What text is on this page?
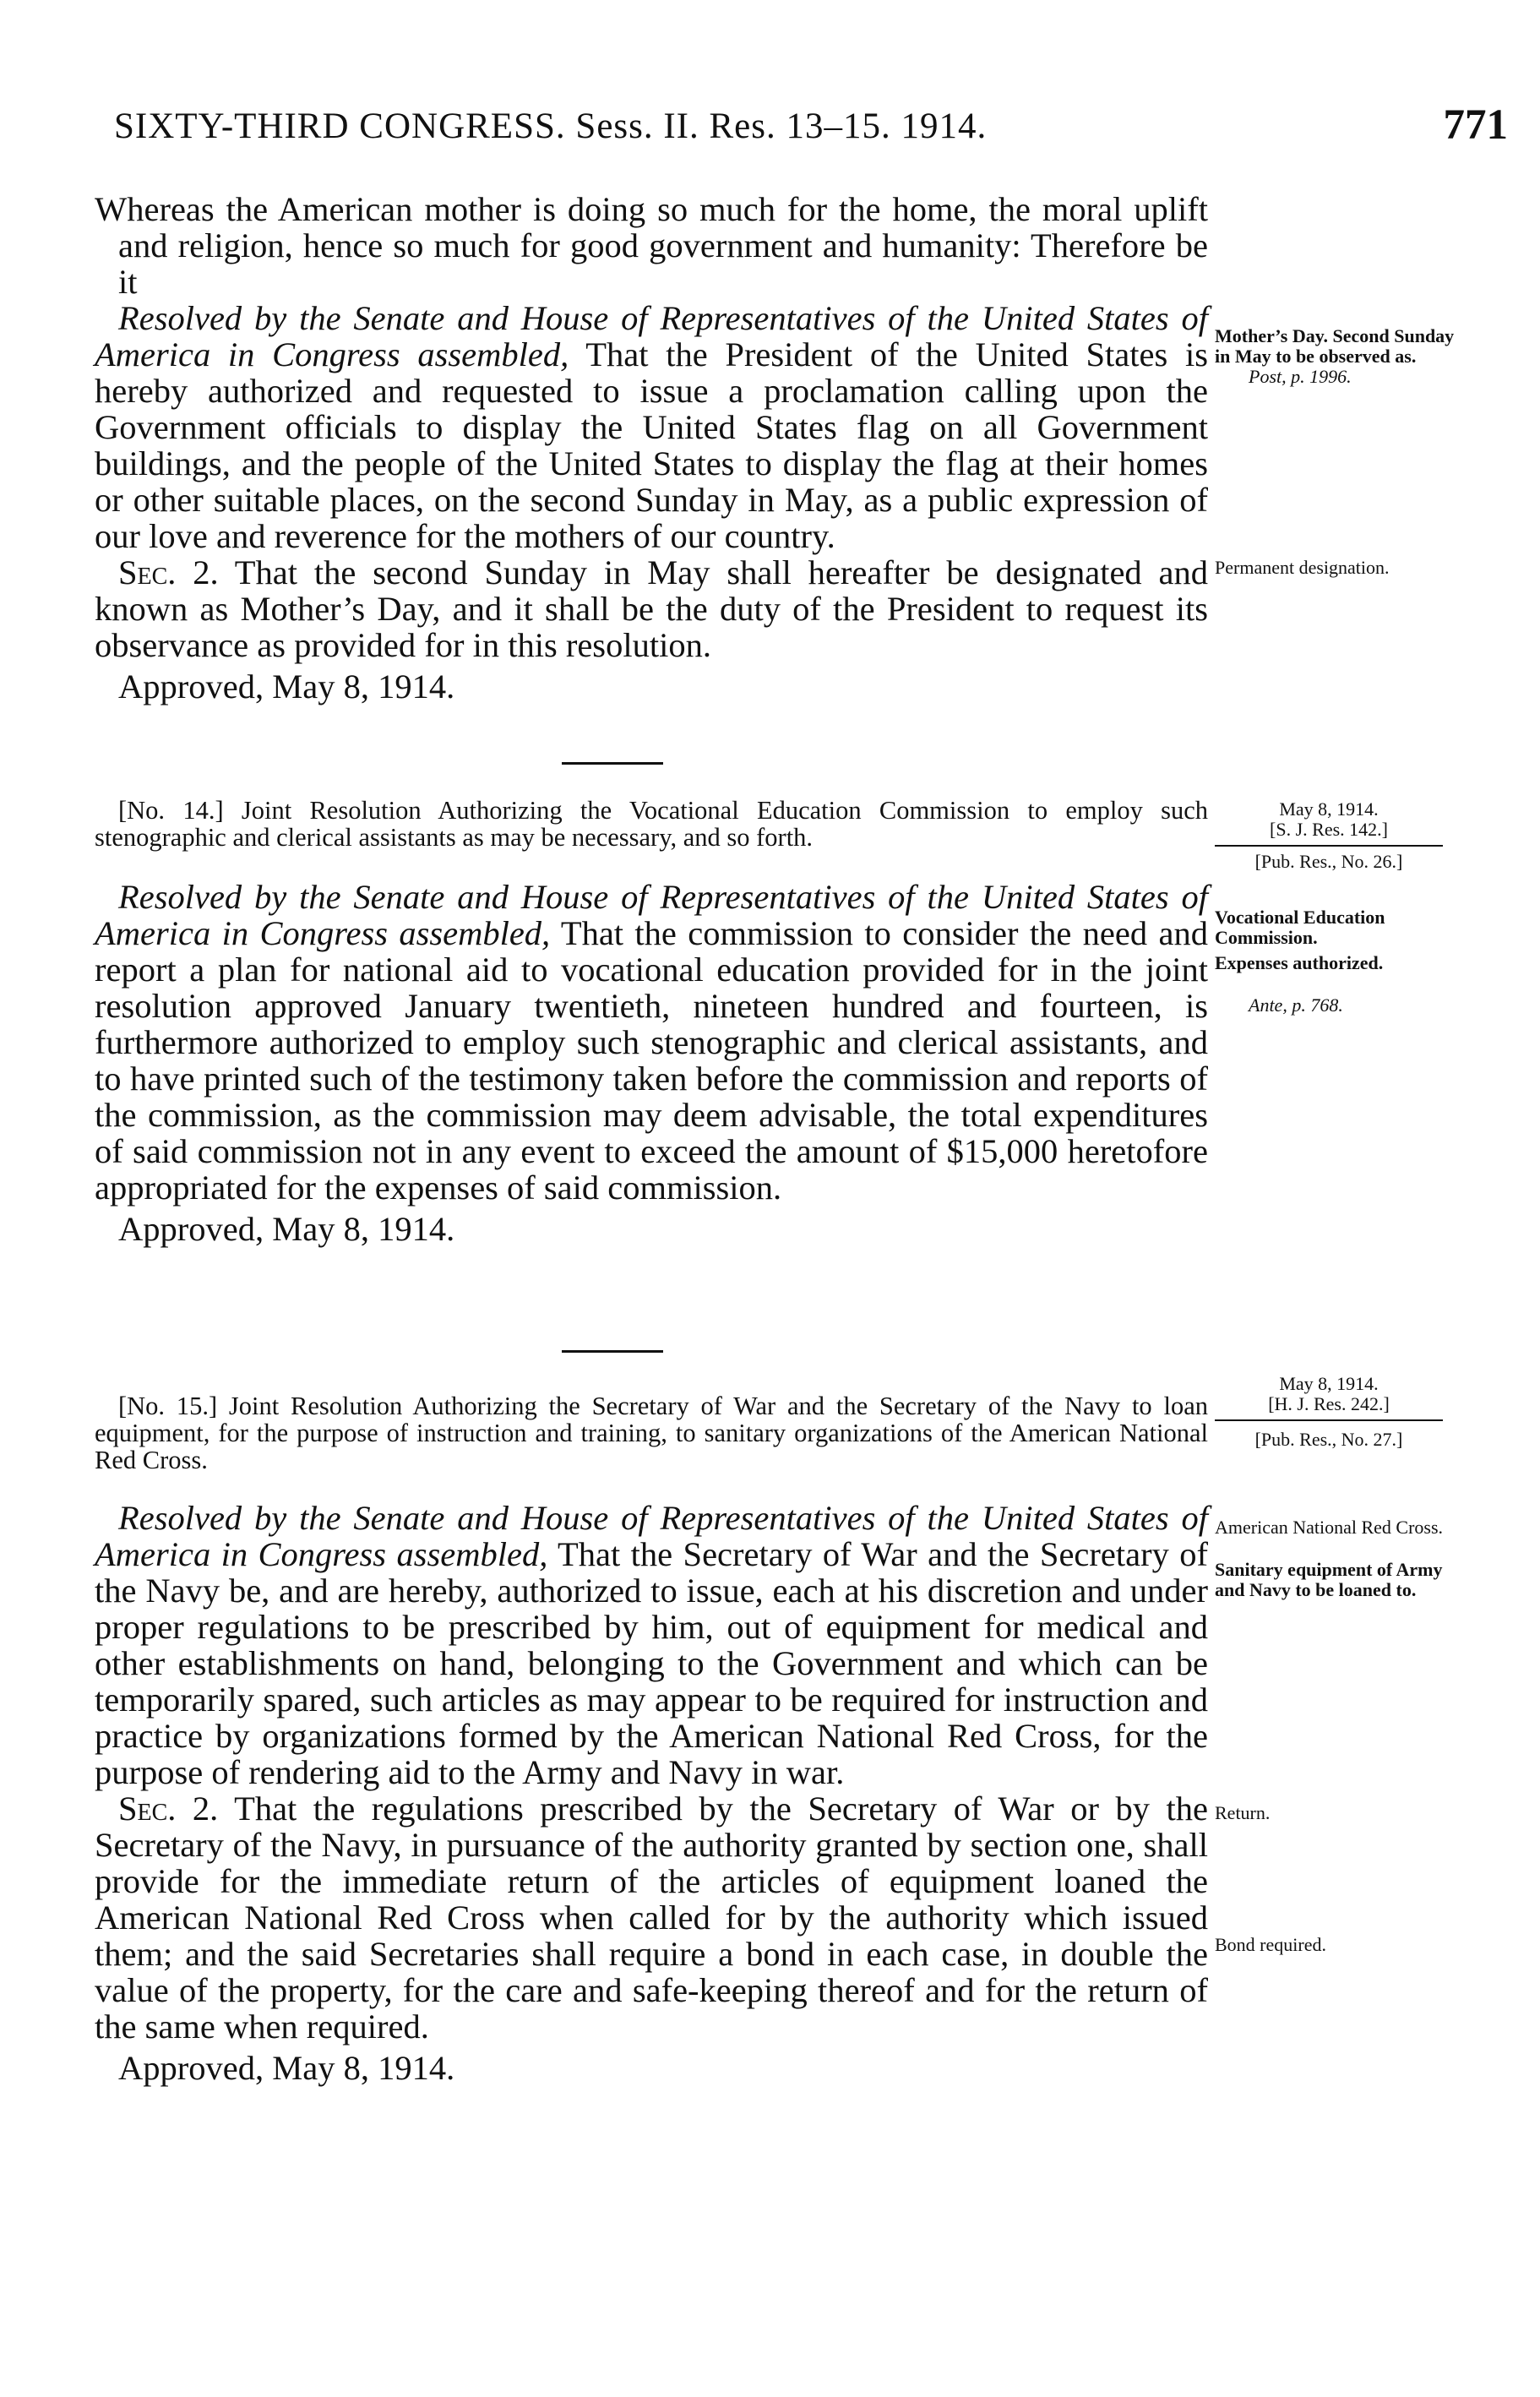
SIXTY-THIRD CONGRESS. Sess. II. Res. 13–15. 1914.	771

Whereas the American mother is doing so much for the home, the moral uplift and religion, hence so much for good government and humanity: Therefore be it

Resolved by the Senate and House of Representatives of the United States of America in Congress assembled, That the President of the United States is hereby authorized and requested to issue a proclamation calling upon the Government officials to display the United States flag on all Government buildings, and the people of the United States to display the flag at their homes or other suitable places, on the second Sunday in May, as a public expression of our love and reverence for the mothers of our country.

Sec. 2. That the second Sunday in May shall hereafter be designated and known as Mother’s Day, and it shall be the duty of the President to request its observance as provided for in this resolution.

Approved, May 8, 1914.

[No. 14.] Joint Resolution Authorizing the Vocational Education Commission to employ such stenographic and clerical assistants as may be necessary, and so forth.

Resolved by the Senate and House of Representatives of the United States of America in Congress assembled, That the commission to consider the need and report a plan for national aid to vocational education provided for in the joint resolution approved January twentieth, nineteen hundred and fourteen, is furthermore authorized to employ such stenographic and clerical assistants, and to have printed such of the testimony taken before the commission and reports of the commission, as the commission may deem advisable, the total expenditures of said commission not in any event to exceed the amount of $15,000 heretofore appropriated for the expenses of said commission.

Approved, May 8, 1914.

[No. 15.] Joint Resolution Authorizing the Secretary of War and the Secretary of the Navy to loan equipment, for the purpose of instruction and training, to sanitary organizations of the American National Red Cross.

Resolved by the Senate and House of Representatives of the United States of America in Congress assembled, That the Secretary of War and the Secretary of the Navy be, and are hereby, authorized to issue, each at his discretion and under proper regulations to be prescribed by him, out of equipment for medical and other establishments on hand, belonging to the Government and which can be temporarily spared, such articles as may appear to be required for instruction and practice by organizations formed by the American National Red Cross, for the purpose of rendering aid to the Army and Navy in war.

Sec. 2. That the regulations prescribed by the Secretary of War or by the Secretary of the Navy, in pursuance of the authority granted by section one, shall provide for the immediate return of the articles of equipment loaned the American National Red Cross when called for by the authority which issued them; and the said Secretaries shall require a bond in each case, in double the value of the property, for the care and safe-keeping thereof and for the return of the same when required.

Approved, May 8, 1914.

Mother’s Day. Second Sunday in May to be observed as.
Post, p. 1996.
Permanent designation.
May 8, 1914.
[S. J. Res. 142.]
[Pub. Res., No. 26.]
Vocational Education Commission.
Expenses authorized.
Ante, p. 768.
May 8, 1914.
[H. J. Res. 242.]
[Pub. Res., No. 27.]
American National Red Cross.
Sanitary equipment of Army and Navy to be loaned to.
Return.
Bond required.
